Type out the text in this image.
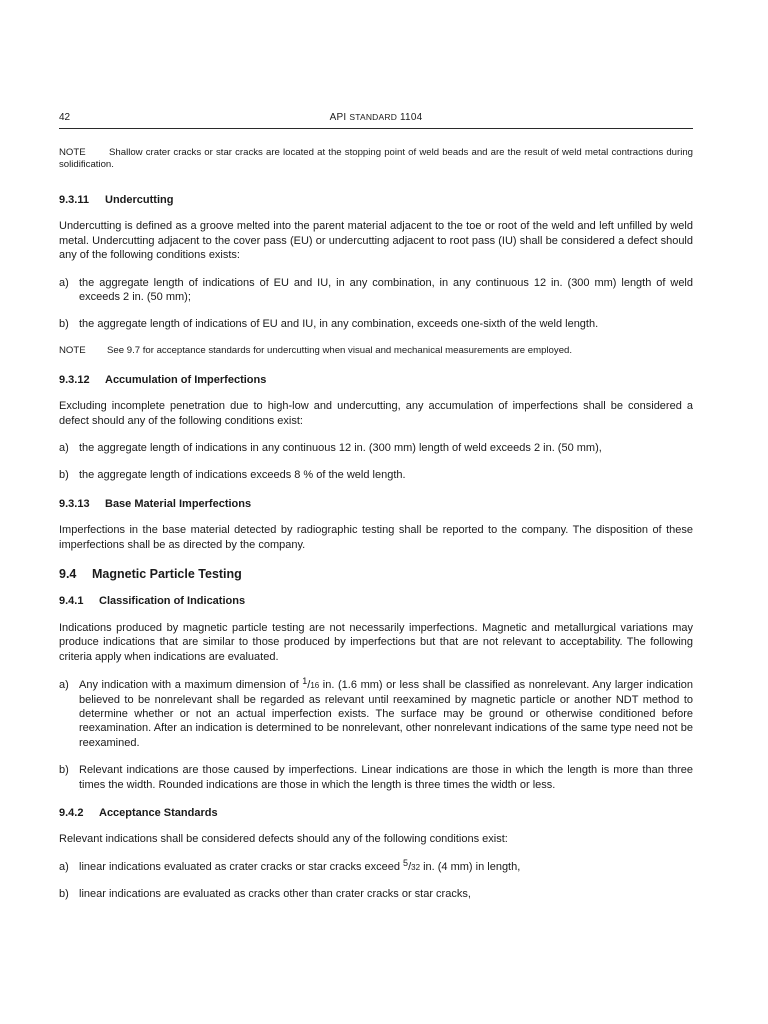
42	API STANDARD 1104

NOTE Shallow crater cracks or star cracks are located at the stopping point of weld beads and are the result of weld metal contractions during solidification.

9.3.11 Undercutting

Undercutting is defined as a groove melted into the parent material adjacent to the toe or root of the weld and left unfilled by weld metal. Undercutting adjacent to the cover pass (EU) or undercutting adjacent to root pass (IU) shall be considered a defect should any of the following conditions exists:

a) the aggregate length of indications of EU and IU, in any combination, in any continuous 12 in. (300 mm) length of weld exceeds 2 in. (50 mm);
b) the aggregate length of indications of EU and IU, in any combination, exceeds one-sixth of the weld length.

NOTE See 9.7 for acceptance standards for undercutting when visual and mechanical measurements are employed.

9.3.12 Accumulation of Imperfections

Excluding incomplete penetration due to high-low and undercutting, any accumulation of imperfections shall be considered a defect should any of the following conditions exist:

a) the aggregate length of indications in any continuous 12 in. (300 mm) length of weld exceeds 2 in. (50 mm),
b) the aggregate length of indications exceeds 8 % of the weld length.

9.3.13 Base Material Imperfections

Imperfections in the base material detected by radiographic testing shall be reported to the company. The disposition of these imperfections shall be as directed by the company.

9.4 Magnetic Particle Testing

9.4.1 Classification of Indications

Indications produced by magnetic particle testing are not necessarily imperfections. Magnetic and metallurgical variations may produce indications that are similar to those produced by imperfections but that are not relevant to acceptability. The following criteria apply when indications are evaluated.

a) Any indication with a maximum dimension of $^1$/16 in. (1.6 mm) or less shall be classified as nonrelevant. Any larger indication believed to be nonrelevant shall be regarded as relevant until reexamined by magnetic particle or another NDT method to determine whether or not an actual imperfection exists. The surface may be ground or otherwise conditioned before reexamination. After an indication is determined to be nonrelevant, other nonrelevant indications of the same type need not be reexamined.
b) Relevant indications are those caused by imperfections. Linear indications are those in which the length is more than three times the width. Rounded indications are those in which the length is three times the width or less.

9.4.2 Acceptance Standards

Relevant indications shall be considered defects should any of the following conditions exist:

a) linear indications evaluated as crater cracks or star cracks exceed $^5$/32 in. (4 mm) in length,
b) linear indications are evaluated as cracks other than crater cracks or star cracks,
